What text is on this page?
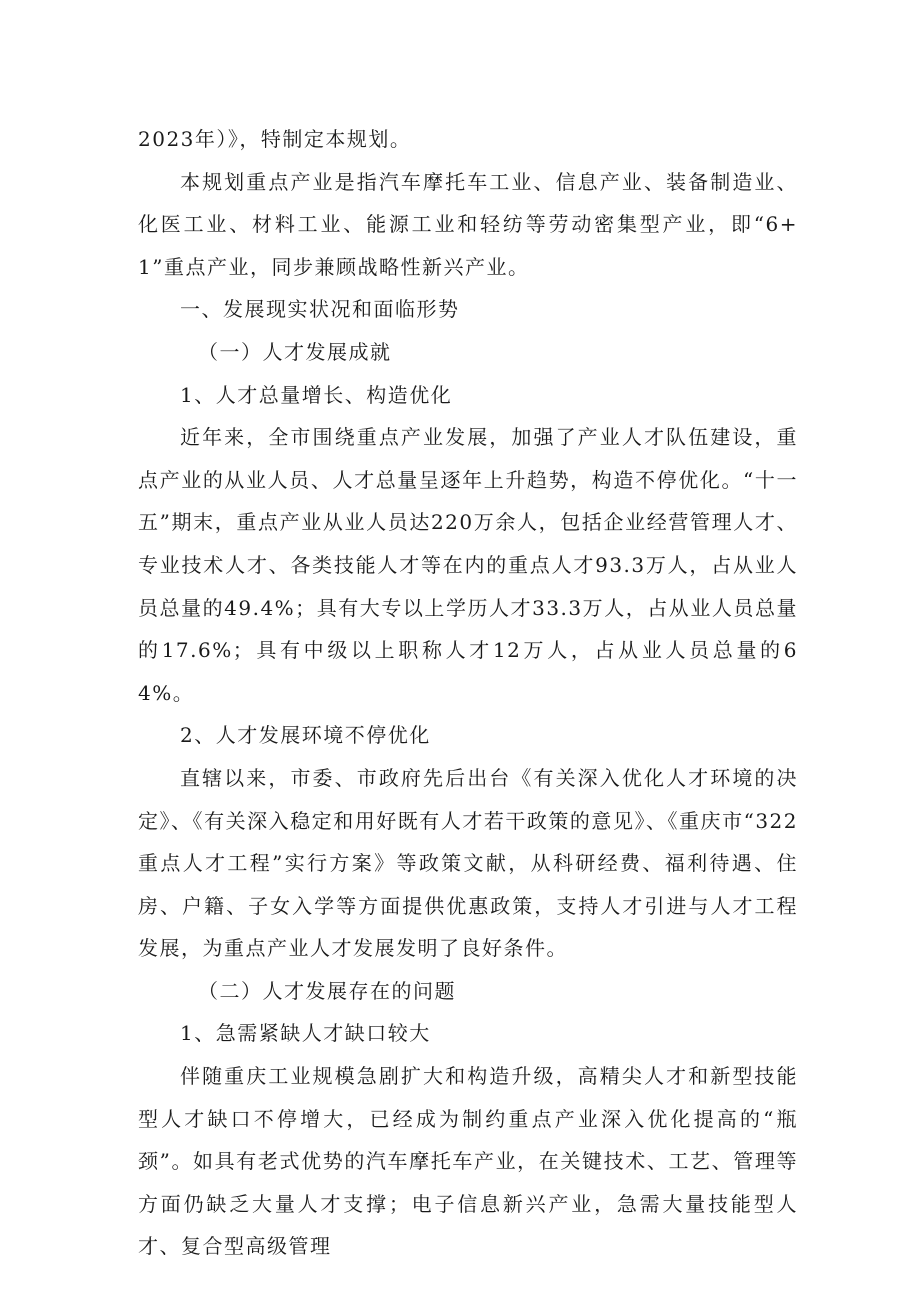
2023年）》，特制定本规划。

本规划重点产业是指汽车摩托车工业、信息产业、装备制造业、化医工业、材料工业、能源工业和轻纺等劳动密集型产业，即“6+1”重点产业，同步兼顾战略性新兴产业。

一、发展现实状况和面临形势

（一）人才发展成就

1、人才总量增长、构造优化

近年来，全市围绕重点产业发展，加强了产业人才队伍建设，重点产业的从业人员、人才总量呈逐年上升趋势，构造不停优化。“十一五”期末，重点产业从业人员达220万余人，包括企业经营管理人才、专业技术人才、各类技能人才等在内的重点人才93.3万人，占从业人员总量的49.4%；具有大专以上学历人才33.3万人，占从业人员总量的17.6%；具有中级以上职称人才12万人，占从业人员总量的64%。

2、人才发展环境不停优化

直辖以来，市委、市政府先后出台《有关深入优化人才环境的决定》、《有关深入稳定和用好既有人才若干政策的意见》、《重庆市“322重点人才工程”实行方案》等政策文献，从科研经费、福利待遇、住房、户籍、子女入学等方面提供优惠政策，支持人才引进与人才工程发展，为重点产业人才发展发明了良好条件。

（二）人才发展存在的问题

1、急需紧缺人才缺口较大

伴随重庆工业规模急剧扩大和构造升级，高精尖人才和新型技能型人才缺口不停增大，已经成为制约重点产业深入优化提高的“瓶颈”。如具有老式优势的汽车摩托车产业，在关键技术、工艺、管理等方面仍缺乏大量人才支撑；电子信息新兴产业，急需大量技能型人才、复合型高级管理
